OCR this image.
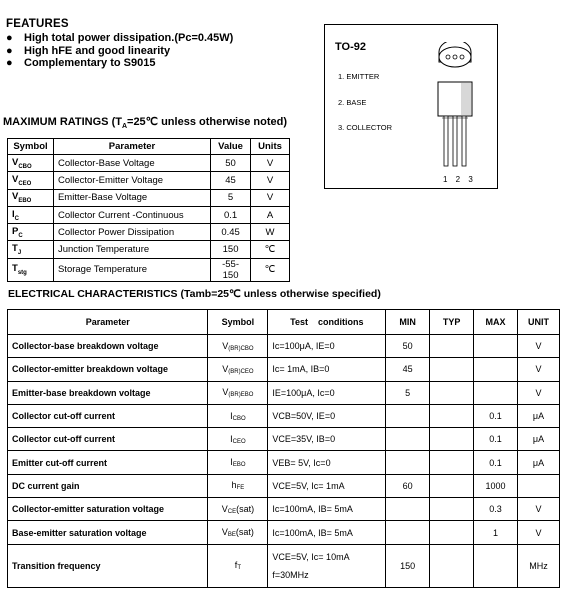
FEATURES
● High total power dissipation.(Pc=0.45W)
● High hFE and good linearity
● Complementary to S9015
TO-92
1. EMITTER
2. BASE
3. COLLECTOR
1 2 3
MAXIMUM RATINGS ($T_A=25℃$ unless otherwise noted)
Symbol	Parameter	Value	Units
$V_{CBO}$	Collector-Base Voltage	50	V
$V_{CEO}$	Collector-Emitter Voltage	45	V
$V_{EBO}$	Emitter-Base Voltage	5	V
$I_C$	Collector Current -Continuous	0.1	A
$P_C$	Collector Power Dissipation	0.45	W
$T_J$	Junction Temperature	150	℃
$T_{stg}$	Storage Temperature	-55-150	℃
ELECTRICAL CHARACTERISTICS (Tamb=25℃ unless otherwise specified)
Parameter	Symbol	Test    conditions	MIN	TYP	MAX	UNIT
Collector-base breakdown voltage	V(BR)CBO	Ic=100μA, IE=0	50			V
Collector-emitter breakdown voltage	V(BR)CEO	Ic= 1mA, IB=0	45			V
Emitter-base breakdown voltage	V(BR)EBO	IE=100μA, Ic=0	5			V
Collector cut-off current	ICBO	VCB=50V, IE=0			0.1	μA
Collector cut-off current	ICEO	VCE=35V, IB=0			0.1	μA
Emitter cut-off current	IEBO	VEB= 5V, Ic=0			0.1	μA
DC current gain	hFE	VCE=5V, Ic= 1mA	60		1000	
Collector-emitter saturation voltage	VCE(sat)	Ic=100mA, IB= 5mA			0.3	V
Base-emitter saturation voltage	VBE(sat)	Ic=100mA, IB= 5mA			1	V
Transition frequency	fT	VCE=5V, Ic= 10mA
f=30MHz	150			MHz
